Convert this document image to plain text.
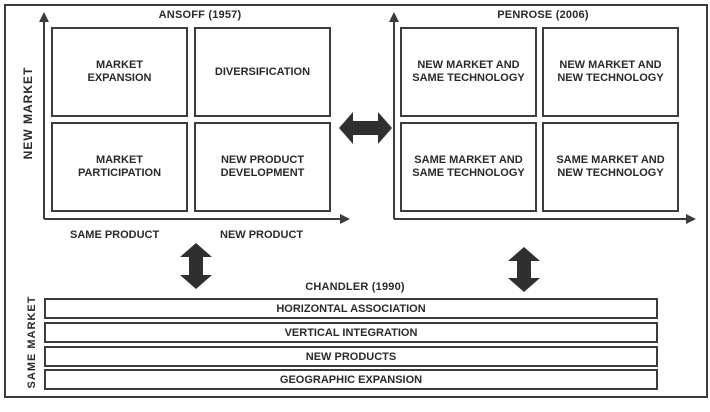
ANSOFF (1957)
NEW MARKET
MARKET
EXPANSION
DIVERSIFICATION
MARKET
PARTICIPATION
NEW PRODUCT
DEVELOPMENT
SAME PRODUCT	NEW PRODUCT
PENROSE (2006)
NEW MARKET AND
SAME TECHNOLOGY
NEW MARKET AND
NEW TECHNOLOGY
SAME MARKET AND
SAME TECHNOLOGY
SAME MARKET AND
NEW TECHNOLOGY
CHANDLER (1990)
SAME MARKET	HORIZONTAL ASSOCIATION
VERTICAL INTEGRATION
NEW PRODUCTS
GEOGRAPHIC EXPANSION
